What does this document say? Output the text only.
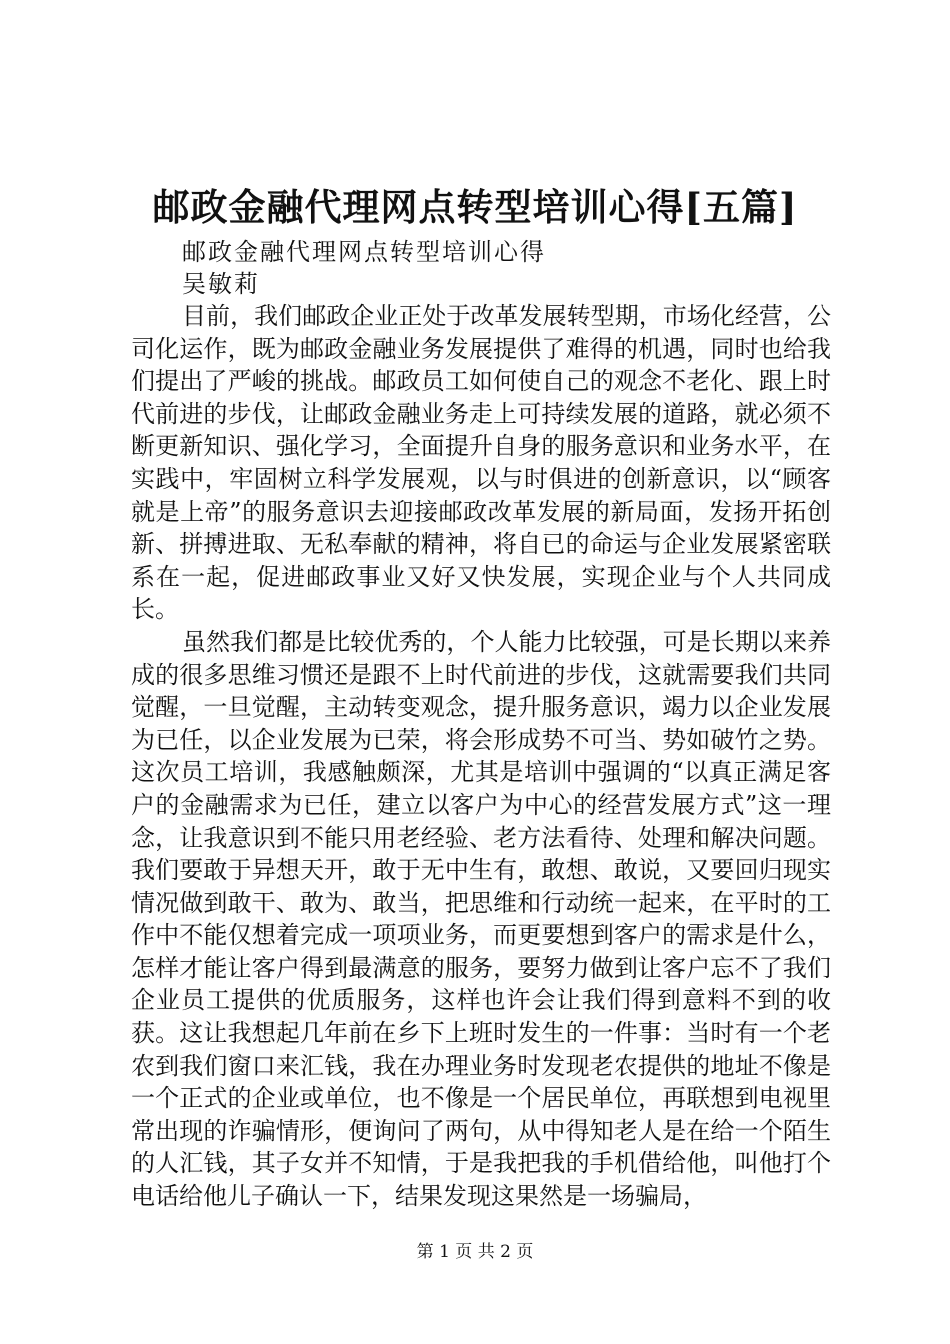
邮政金融代理网点转型培训心得[五篇]
邮政金融代理网点转型培训心得
吴敏莉

目前，我们邮政企业正处于改革发展转型期，市场化经营，公司化运作，既为邮政金融业务发展提供了难得的机遇，同时也给我们提出了严峻的挑战。邮政员工如何使自己的观念不老化、跟上时代前进的步伐，让邮政金融业务走上可持续发展的道路，就必须不断更新知识、强化学习，全面提升自身的服务意识和业务水平，在实践中，牢固树立科学发展观，以与时俱进的创新意识，以“顾客就是上帝”的服务意识去迎接邮政改革发展的新局面，发扬开拓创新、拼搏进取、无私奉献的精神，将自已的命运与企业发展紧密联系在一起，促进邮政事业又好又快发展，实现企业与个人共同成长。

虽然我们都是比较优秀的，个人能力比较强，可是长期以来养成的很多思维习惯还是跟不上时代前进的步伐，这就需要我们共同觉醒，一旦觉醒，主动转变观念，提升服务意识，竭力以企业发展为已任，以企业发展为已荣，将会形成势不可当、势如破竹之势。这次员工培训，我感触颇深，尤其是培训中强调的“以真正满足客户的金融需求为已任，建立以客户为中心的经营发展方式”这一理念，让我意识到不能只用老经验、老方法看待、处理和解决问题。我们要敢于异想天开，敢于无中生有，敢想、敢说，又要回归现实情况做到敢干、敢为、敢当，把思维和行动统一起来，在平时的工作中不能仅想着完成一项项业务，而更要想到客户的需求是什么，怎样才能让客户得到最满意的服务，要努力做到让客户忘不了我们企业员工提供的优质服务，这样也许会让我们得到意料不到的收获。这让我想起几年前在乡下上班时发生的一件事：当时有一个老农到我们窗口来汇钱，我在办理业务时发现老农提供的地址不像是一个正式的企业或单位，也不像是一个居民单位，再联想到电视里常出现的诈骗情形，便询问了两句，从中得知老人是在给一个陌生的人汇钱，其子女并不知情，于是我把我的手机借给他，叫他打个电话给他儿子确认一下，结果发现这果然是一场骗局，

第 1 页 共 2 页
